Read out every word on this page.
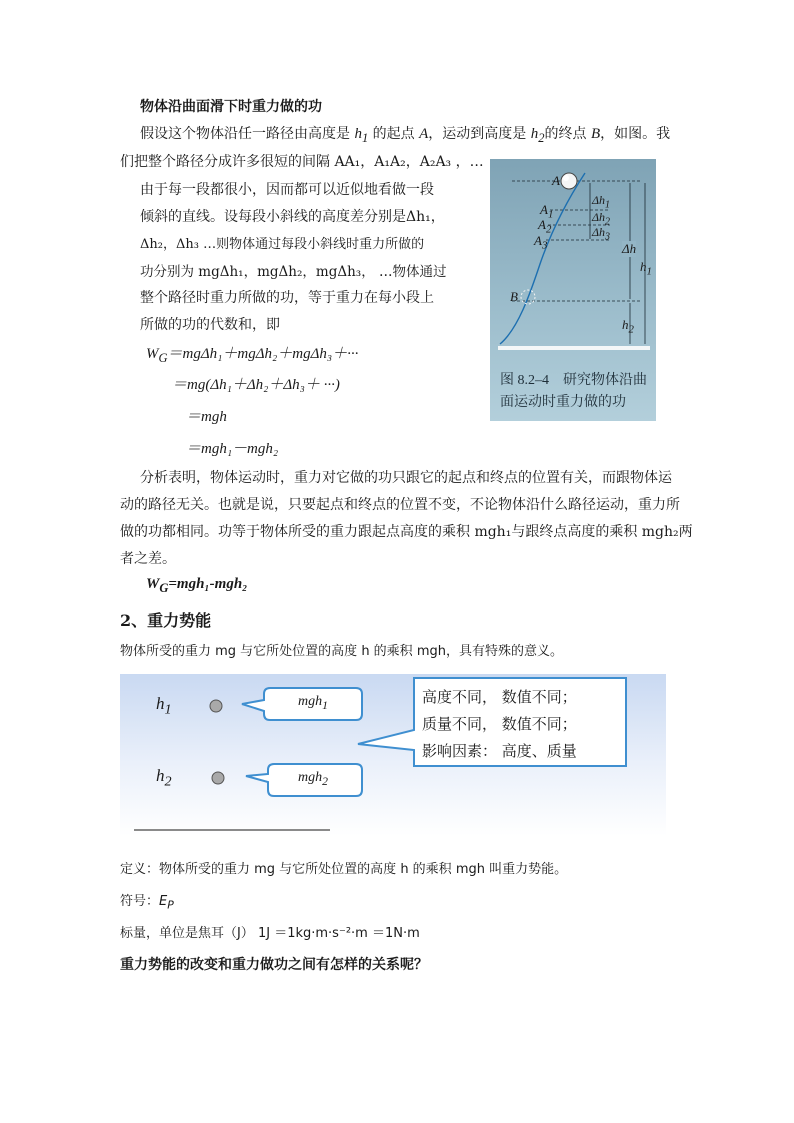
物体沿曲面滑下时重力做的功
假设这个物体沿任一路径由高度是 $h_1$ 的起点 A，运动到高度是 $h_2$的终点 B，如图。我
们把整个路径分成许多很短的间隔 AA₁，A₁A₂，A₂A₃ ，…
由于每一段都很小，因而都可以近似地看做一段
倾斜的直线。设每段小斜线的高度差分别是Δh₁，
Δh₂，Δh₃ …则物体通过每段小斜线时重力所做的
功分别为 mgΔh₁，mgΔh₂，mgΔh₃， …物体通过
整个路径时重力所做的功，等于重力在每小段上
所做的功的代数和，即
$W_G=mg\Delta h_1+mg\Delta h_2+mg\Delta h_3+\cdot\cdot\cdot$
＝mg(Δh₁＋Δh₂＋Δh₃＋ ···)
＝mgh
＝mgh₁－mgh₂
A
$A_1$
$A_2$
$A_3$
B
$\Delta h_1$
$\Delta h_2$
$\Delta h_3$
Δh
$h_1$
$h_2$
图 8.2–4　研究物体沿曲面运动时重力做的功
分析表明，物体运动时，重力对它做的功只跟它的起点和终点的位置有关，而跟物体运
动的路径无关。也就是说，只要起点和终点的位置不变，不论物体沿什么路径运动，重力所
做的功都相同。功等于物体所受的重力跟起点高度的乘积 mgh₁与跟终点高度的乘积 mgh₂两
者之差。
$W_G=mgh_1$-mgh₂
2、重力势能
物体所受的重力 mg 与它所处位置的高度 h 的乘积 mgh，具有特殊的意义。
$h_1$
$h_2$
mgh$_1$
mgh$_2$
高度不同， 数值不同；
质量不同， 数值不同；
影响因素： 高度、质量
定义：物体所受的重力 mg 与它所处位置的高度 h 的乘积 mgh 叫重力势能。
符号：$E_P$
标量，单位是焦耳（J） 1J ＝1kg·m·s⁻²·m ＝1N·m
重力势能的改变和重力做功之间有怎样的关系呢？
